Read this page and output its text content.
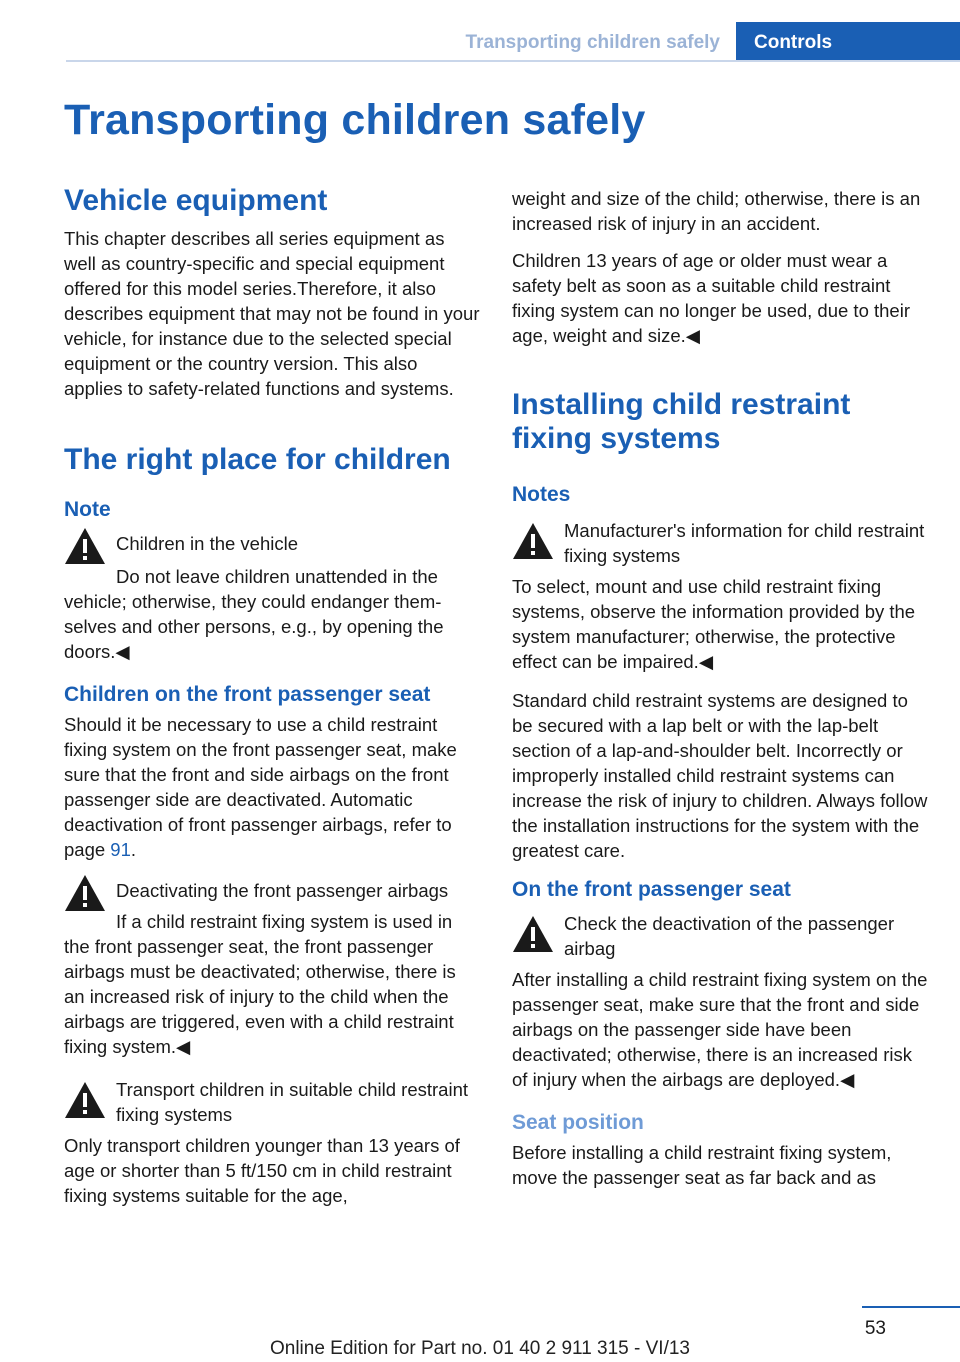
Transporting children safely	Controls
Transporting children safely
Vehicle equipment

This chapter describes all series equipment as well as country-specific and special equipment offered for this model series.Therefore, it also describes equipment that may not be found in your vehicle, for instance due to the selected special equipment or the country version. This also applies to safety-related functions and systems.

The right place for children
Note
Children in the vehicle

Do not leave children unattended in the vehicle; otherwise, they could endanger themselves and other persons, e.g., by opening the doors.◀

Children on the front passenger seat

Should it be necessary to use a child restraint fixing system on the front passenger seat, make sure that the front and side airbags on the front passenger side are deactivated. Automatic deactivation of front passenger airbags, refer to page 91.

Deactivating the front passenger airbags

If a child restraint fixing system is used in the front passenger seat, the front passenger airbags must be deactivated; otherwise, there is an increased risk of injury to the child when the airbags are triggered, even with a child restraint fixing system.◀

Transport children in suitable child restraint fixing systems

Only transport children younger than 13 years of age or shorter than 5 ft/150 cm in child restraint fixing systems suitable for the age,

weight and size of the child; otherwise, there is an increased risk of injury in an accident.

Children 13 years of age or older must wear a safety belt as soon as a suitable child restraint fixing system can no longer be used, due to their age, weight and size.◀

Installing child restraint fixing systems
Notes
Manufacturer's information for child restraint fixing systems

To select, mount and use child restraint fixing systems, observe the information provided by the system manufacturer; otherwise, the protective effect can be impaired.◀

Standard child restraint systems are designed to be secured with a lap belt or with the lap-belt section of a lap-and-shoulder belt. Incorrectly or improperly installed child restraint systems can increase the risk of injury to children. Always follow the installation instructions for the system with the greatest care.

On the front passenger seat
Check the deactivation of the passenger airbag

After installing a child restraint fixing system on the passenger seat, make sure that the front and side airbags on the passenger side have been deactivated; otherwise, there is an increased risk of injury when the airbags are deployed.◀

Seat position

Before installing a child restraint fixing system, move the passenger seat as far back and as

53
Online Edition for Part no. 01 40 2 911 315 - VI/13
